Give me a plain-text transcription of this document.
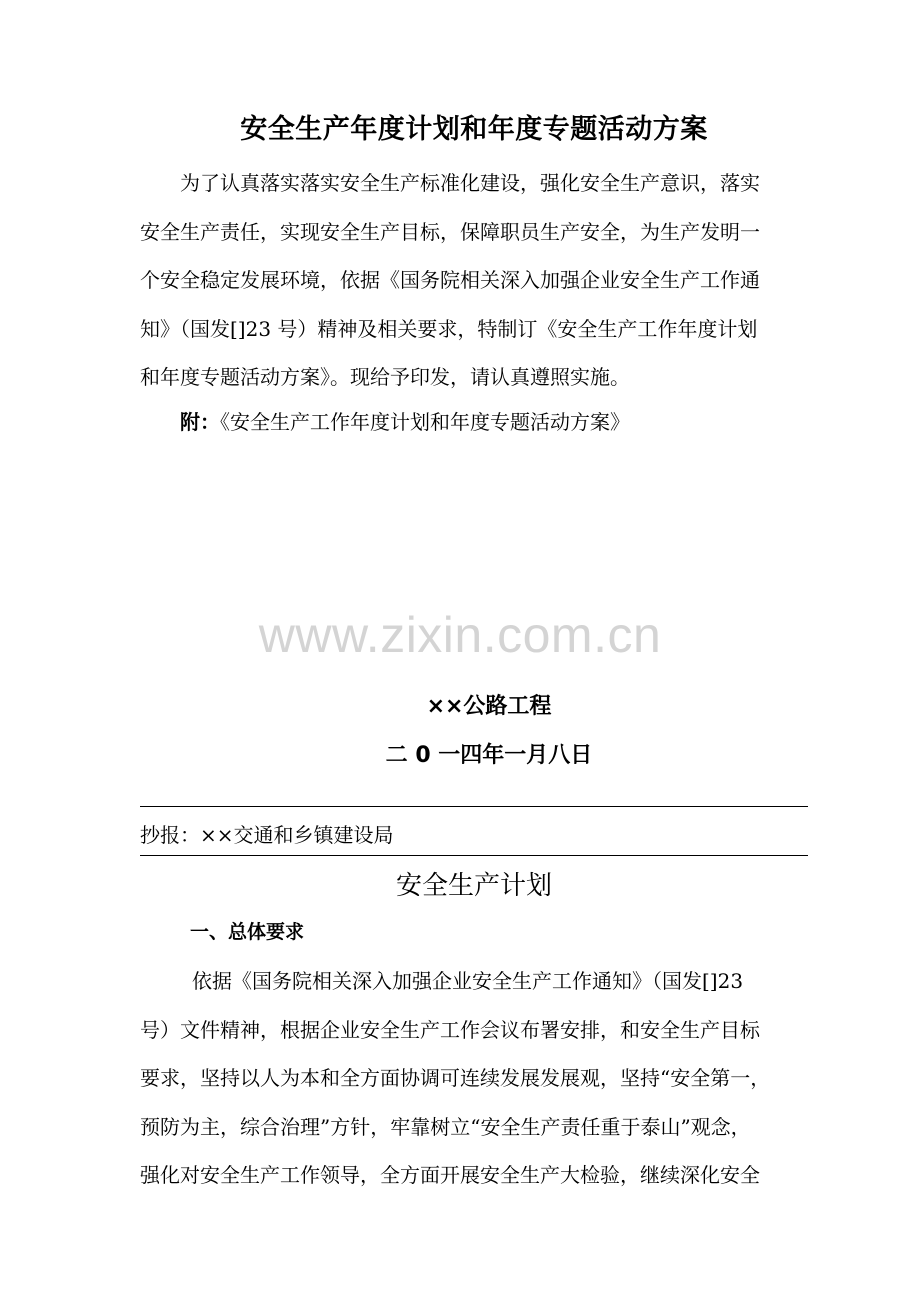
安全生产年度计划和年度专题活动方案
为了认真落实落实安全生产标准化建设，强化安全生产意识，落实
安全生产责任，实现安全生产目标，保障职员生产安全，为生产发明一
个安全稳定发展环境，依据《国务院相关深入加强企业安全生产工作通
知》（国发[]23 号）精神及相关要求，特制订《安全生产工作年度计划
和年度专题活动方案》。现给予印发，请认真遵照实施。
附：《安全生产工作年度计划和年度专题活动方案》
www.zixin.com.cn
××公路工程
二 0 一四年一月八日
抄报：××交通和乡镇建设局
安全生产计划
一、总体要求
依据《国务院相关深入加强企业安全生产工作通知》（国发[]23
号）文件精神，根据企业安全生产工作会议布署安排，和安全生产目标
要求，坚持以人为本和全方面协调可连续发展发展观，坚持“安全第一，
预防为主，综合治理”方针，牢靠树立“安全生产责任重于泰山”观念，
强化对安全生产工作领导，全方面开展安全生产大检验，继续深化安全
